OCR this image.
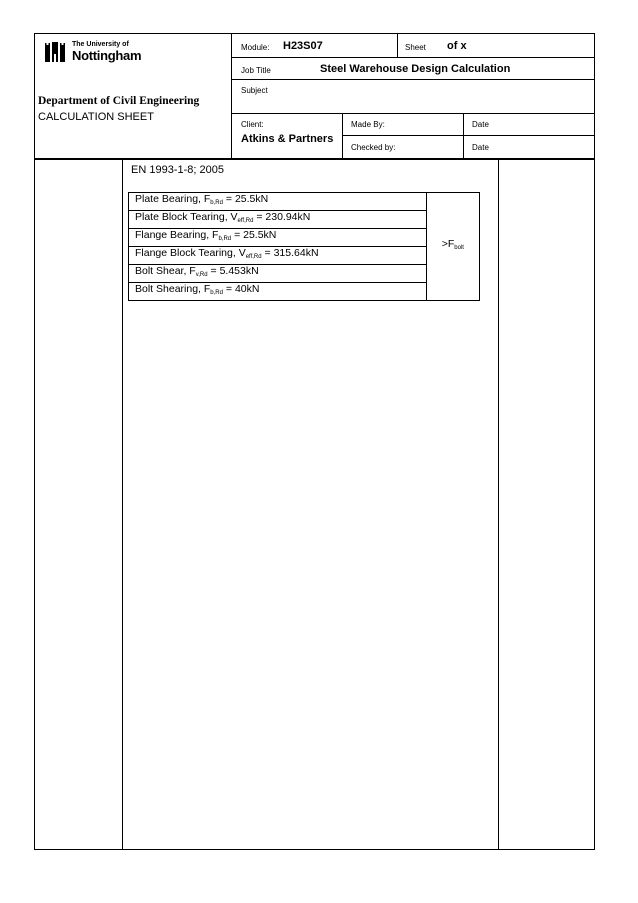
The University of
Nottingham
Department of Civil Engineering
CALCULATION SHEET
Module: H23S07	Sheet of x
Job Title	Steel Warehouse Design Calculation
Subject
Client:
Atkins & Partners
Made By:
Checked by:
Date
Date
EN 1993-1-8; 2005
Plate Bearing, $F_{b,Rd} = 25.5kN$	$>F_{bolt}$
Plate Block Tearing, $V_{eff,Rd} = 230.94kN$
Flange Bearing, $F_{b,Rd} = 25.5kN$
Flange Block Tearing, $V_{eff,Rd} = 315.64kN$
Bolt Shear, $F_{v,Rd} = 5.453kN$
Bolt Shearing, $F_{b,Rd} = 40kN$
